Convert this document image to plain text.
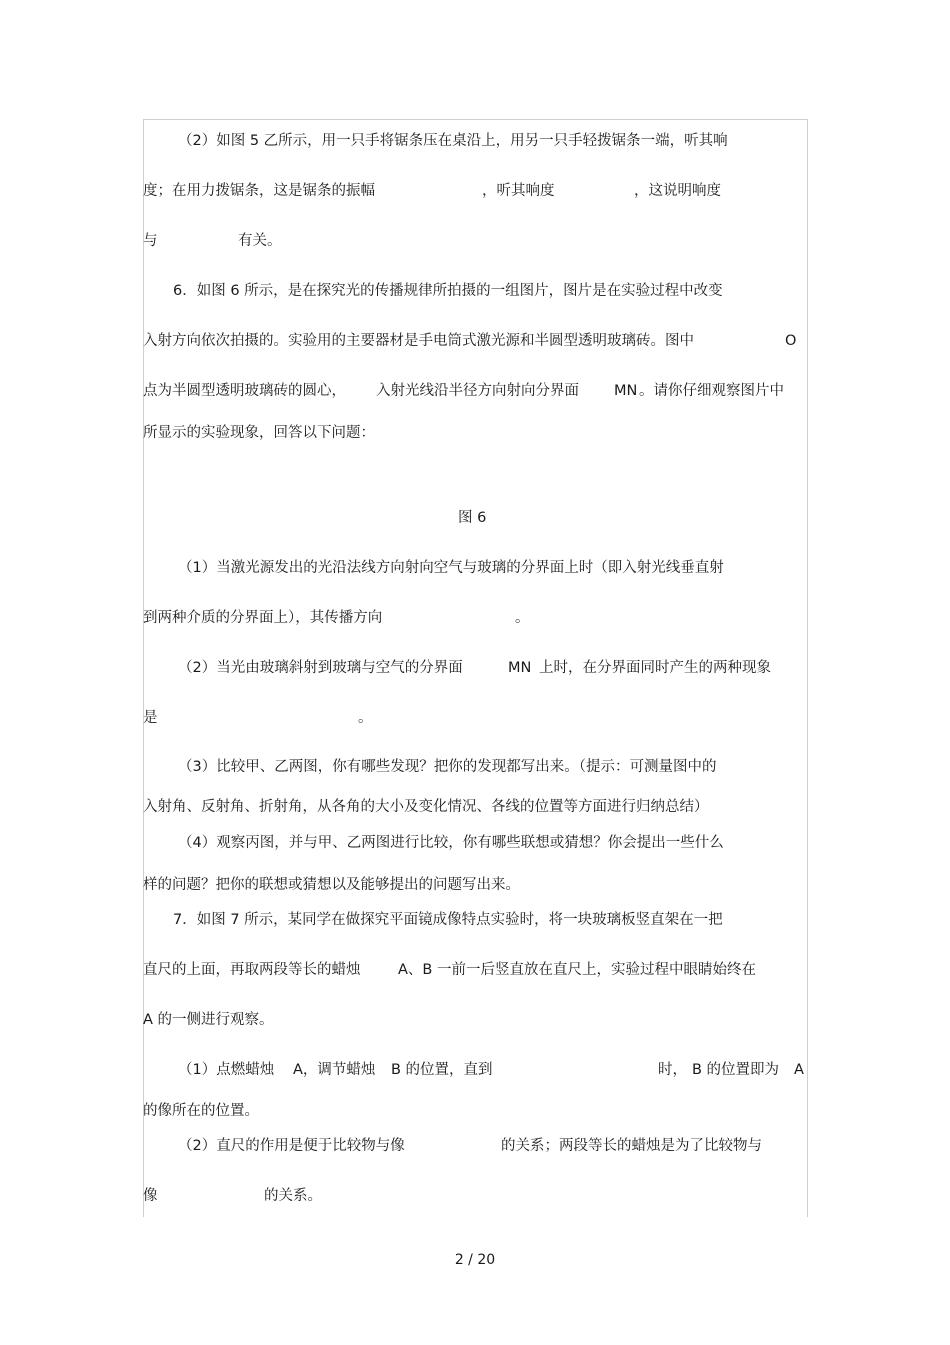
（2）如图 5 乙所示，用一只手将锯条压在桌沿上，用另一只手轻拨锯条一端，听其响

度；在用力拨锯条，这是锯条的振幅	，听其响度	，这说明响度

与	有关。

6．如图 6 所示，是在探究光的传播规律所拍摄的一组图片，图片是在实验过程中改变

入射方向依次拍摄的。实验用的主要器材是手电筒式激光源和半圆型透明玻璃砖。图中	O

点为半圆型透明玻璃砖的圆心， 入射光线沿半径方向射向分界面 MN 。请你仔细观察图片中

所显示的实验现象，回答以下问题：

图 6

（1）当激光源发出的光沿法线方向射向空气与玻璃的分界面上时（即入射光线垂直射

到两种介质的分界面上），其传播方向	。

（2）当光由玻璃斜射到玻璃与空气的分界面	MN 上时，在分界面同时产生的两种现象

是	。

（3）比较甲、乙两图，你有哪些发现？把你的发现都写出来。（提示：可测量图中的

入射角、反射角、折射角，从各角的大小及变化情况、各线的位置等方面进行归纳总结）

（4）观察丙图，并与甲、乙两图进行比较，你有哪些联想或猜想？你会提出一些什么

样的问题？把你的联想或猜想以及能够提出的问题写出来。

7．如图 7 所示，某同学在做探究平面镜成像特点实验时，将一块玻璃板竖直架在一把

直尺的上面，再取两段等长的蜡烛	A、B 一前一后竖直放在直尺上，实验过程中眼睛始终在

A 的一侧进行观察。

（1）点燃蜡烛 A，调节蜡烛 B 的位置，直到	时， B 的位置即为 A

的像所在的位置。

（2）直尺的作用是便于比较物与像	的关系；两段等长的蜡烛是为了比较物与

像	的关系。

2 / 20
